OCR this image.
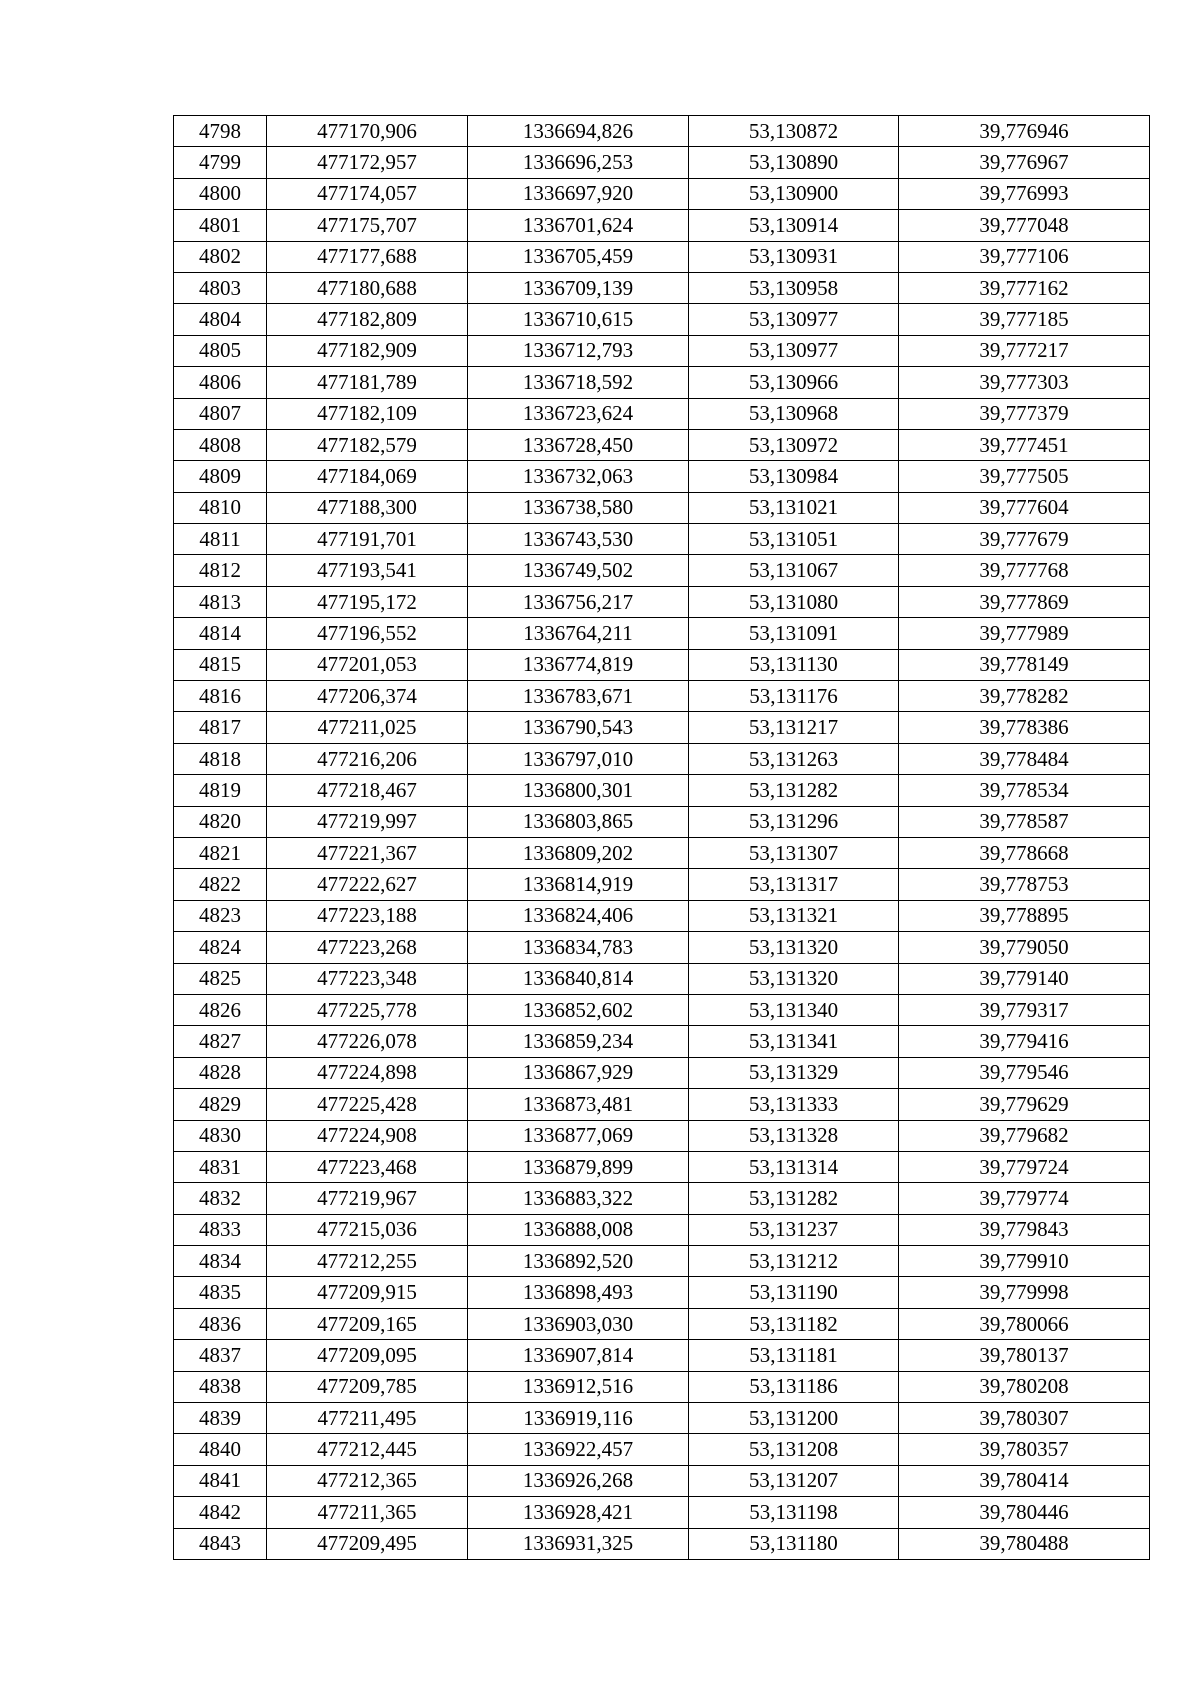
4798	477170,906	1336694,826	53,130872	39,776946
4799	477172,957	1336696,253	53,130890	39,776967
4800	477174,057	1336697,920	53,130900	39,776993
4801	477175,707	1336701,624	53,130914	39,777048
4802	477177,688	1336705,459	53,130931	39,777106
4803	477180,688	1336709,139	53,130958	39,777162
4804	477182,809	1336710,615	53,130977	39,777185
4805	477182,909	1336712,793	53,130977	39,777217
4806	477181,789	1336718,592	53,130966	39,777303
4807	477182,109	1336723,624	53,130968	39,777379
4808	477182,579	1336728,450	53,130972	39,777451
4809	477184,069	1336732,063	53,130984	39,777505
4810	477188,300	1336738,580	53,131021	39,777604
4811	477191,701	1336743,530	53,131051	39,777679
4812	477193,541	1336749,502	53,131067	39,777768
4813	477195,172	1336756,217	53,131080	39,777869
4814	477196,552	1336764,211	53,131091	39,777989
4815	477201,053	1336774,819	53,131130	39,778149
4816	477206,374	1336783,671	53,131176	39,778282
4817	477211,025	1336790,543	53,131217	39,778386
4818	477216,206	1336797,010	53,131263	39,778484
4819	477218,467	1336800,301	53,131282	39,778534
4820	477219,997	1336803,865	53,131296	39,778587
4821	477221,367	1336809,202	53,131307	39,778668
4822	477222,627	1336814,919	53,131317	39,778753
4823	477223,188	1336824,406	53,131321	39,778895
4824	477223,268	1336834,783	53,131320	39,779050
4825	477223,348	1336840,814	53,131320	39,779140
4826	477225,778	1336852,602	53,131340	39,779317
4827	477226,078	1336859,234	53,131341	39,779416
4828	477224,898	1336867,929	53,131329	39,779546
4829	477225,428	1336873,481	53,131333	39,779629
4830	477224,908	1336877,069	53,131328	39,779682
4831	477223,468	1336879,899	53,131314	39,779724
4832	477219,967	1336883,322	53,131282	39,779774
4833	477215,036	1336888,008	53,131237	39,779843
4834	477212,255	1336892,520	53,131212	39,779910
4835	477209,915	1336898,493	53,131190	39,779998
4836	477209,165	1336903,030	53,131182	39,780066
4837	477209,095	1336907,814	53,131181	39,780137
4838	477209,785	1336912,516	53,131186	39,780208
4839	477211,495	1336919,116	53,131200	39,780307
4840	477212,445	1336922,457	53,131208	39,780357
4841	477212,365	1336926,268	53,131207	39,780414
4842	477211,365	1336928,421	53,131198	39,780446
4843	477209,495	1336931,325	53,131180	39,780488
